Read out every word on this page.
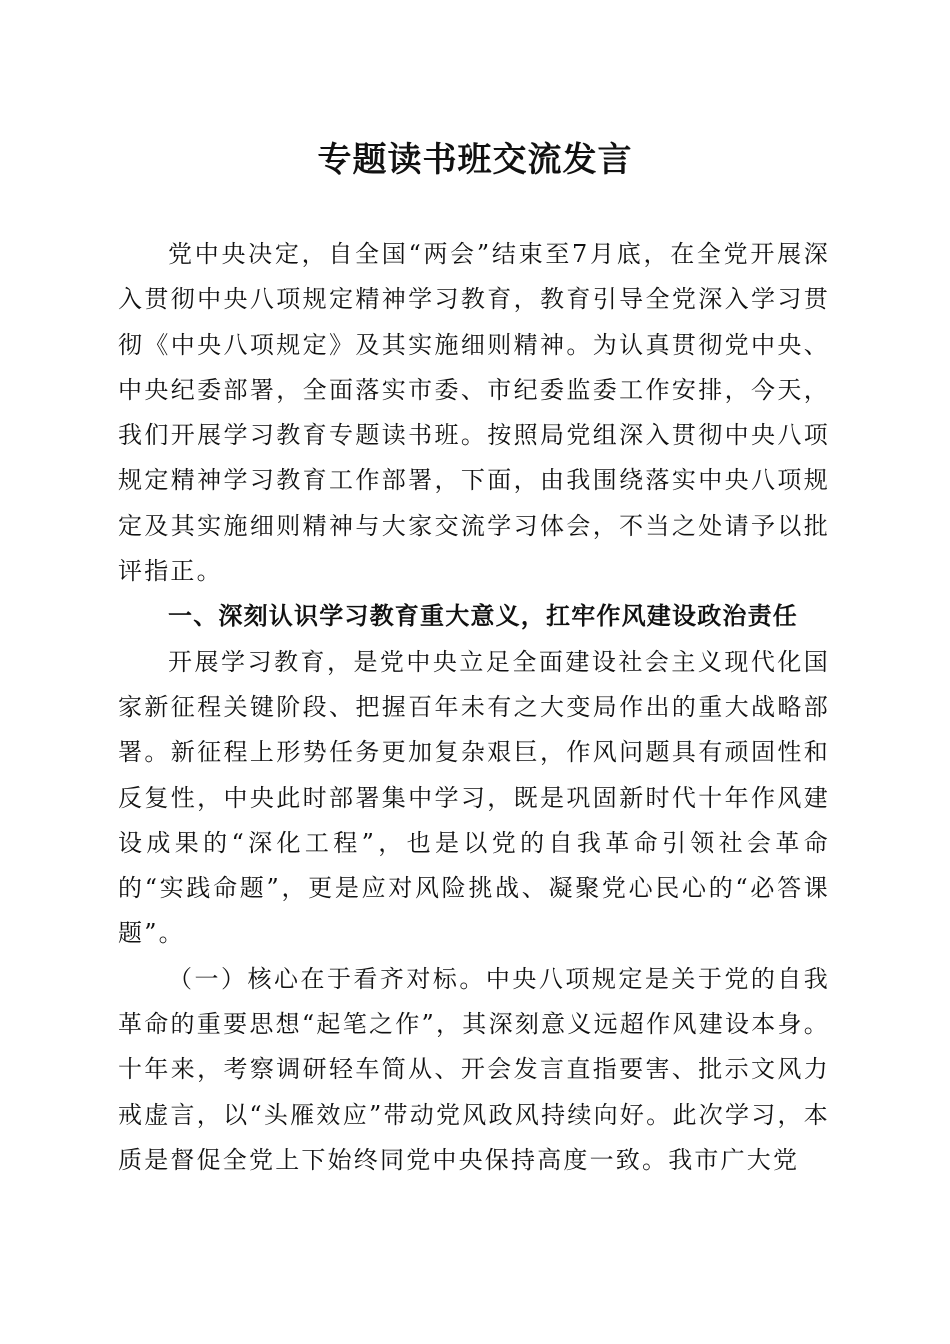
专题读书班交流发言

党中央决定，自全国“两会”结束至7月底，在全党开展深入贯彻中央八项规定精神学习教育，教育引导全党深入学习贯彻《中央八项规定》及其实施细则精神。为认真贯彻党中央、中央纪委部署，全面落实市委、市纪委监委工作安排，今天，我们开展学习教育专题读书班。按照局党组深入贯彻中央八项规定精神学习教育工作部署，下面，由我围绕落实中央八项规定及其实施细则精神与大家交流学习体会，不当之处请予以批评指正。

一、深刻认识学习教育重大意义，扛牢作风建设政治责任

开展学习教育，是党中央立足全面建设社会主义现代化国家新征程关键阶段、把握百年未有之大变局作出的重大战略部署。新征程上形势任务更加复杂艰巨，作风问题具有顽固性和反复性，中央此时部署集中学习，既是巩固新时代十年作风建设成果的“深化工程”，也是以党的自我革命引领社会革命的“实践命题”，更是应对风险挑战、凝聚党心民心的“必答课题”。

（一）核心在于看齐对标。中央八项规定是关于党的自我革命的重要思想“起笔之作”，其深刻意义远超作风建设本身。十年来，考察调研轻车简从、开会发言直指要害、批示文风力戒虚言，以“头雁效应”带动党风政风持续向好。此次学习，本质是督促全党上下始终同党中央保持高度一致。我市广大党
